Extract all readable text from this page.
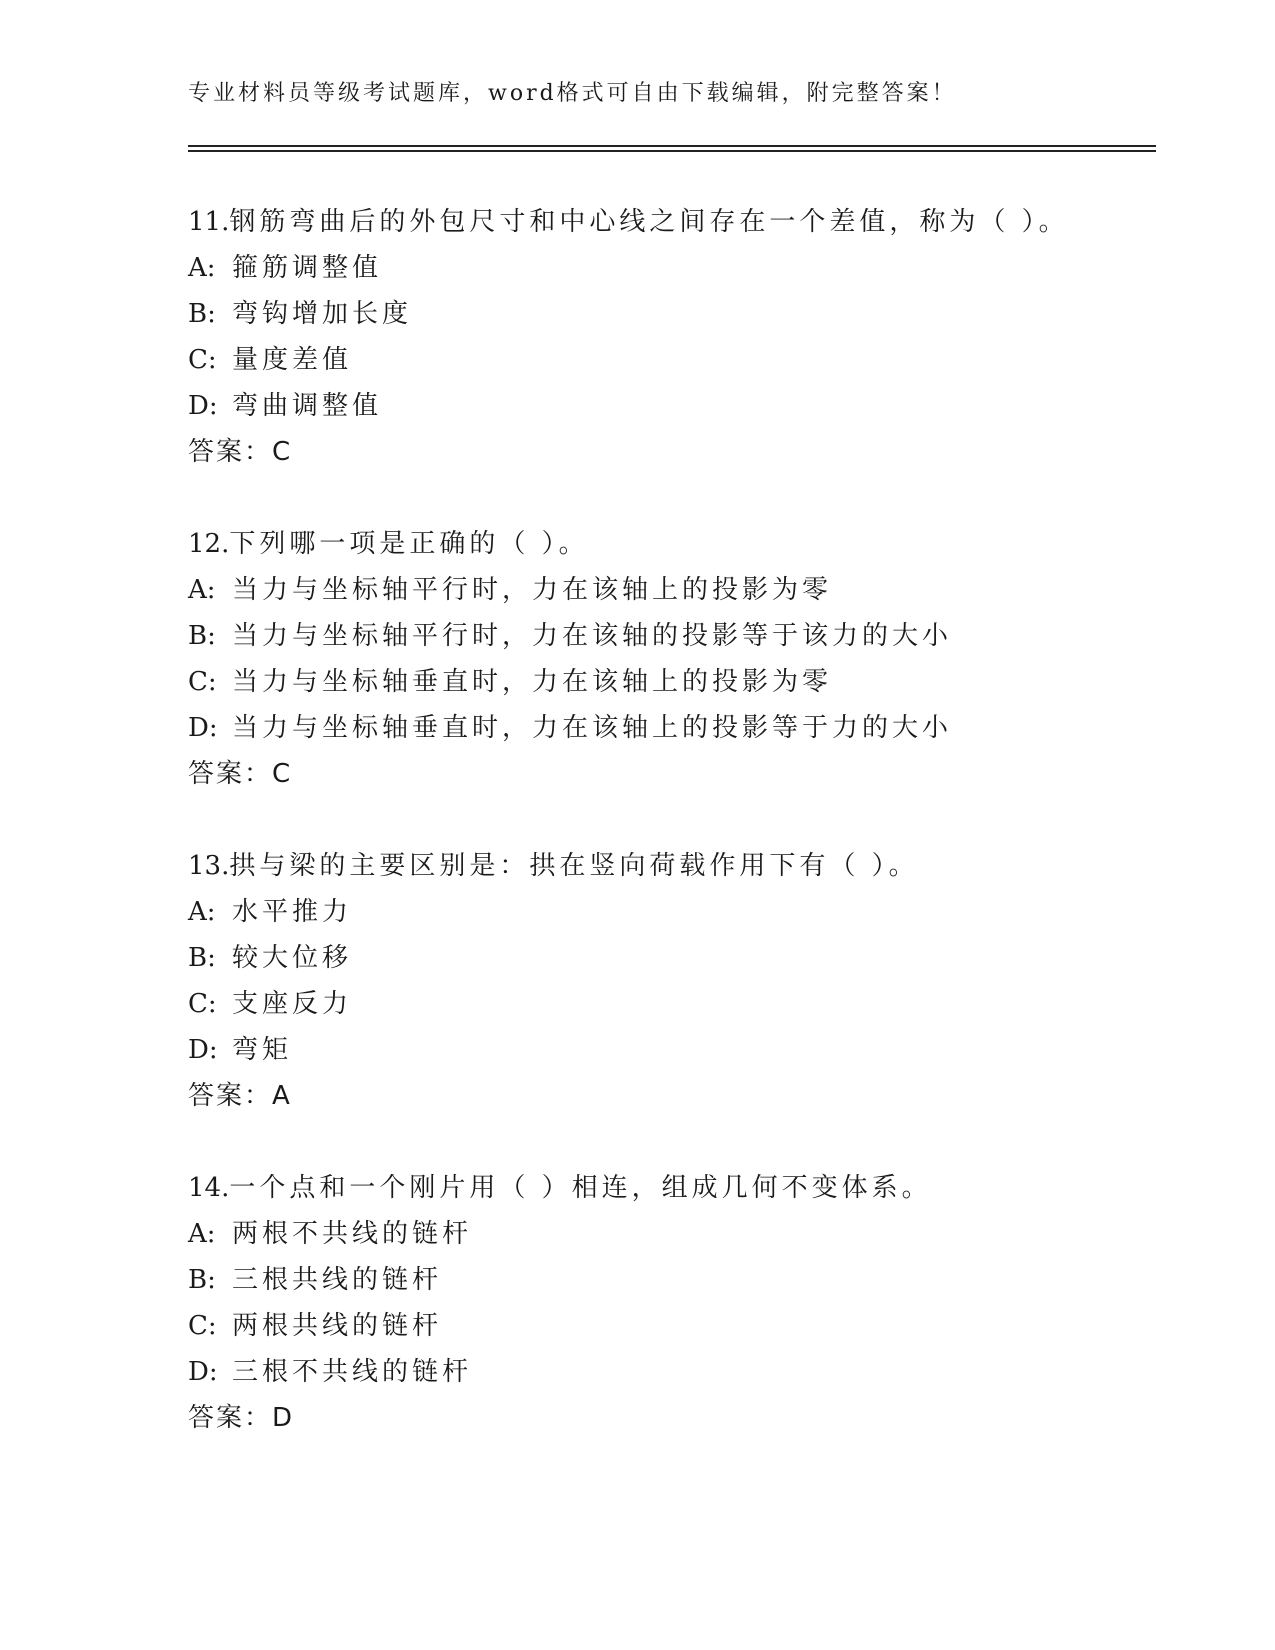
专业材料员等级考试题库，word格式可自由下载编辑，附完整答案！
11.钢筋弯曲后的外包尺寸和中心线之间存在一个差值，称为（ ）。
A: 箍筋调整值
B: 弯钩增加长度
C: 量度差值
D: 弯曲调整值
答案：C
12.下列哪一项是正确的（ ）。
A: 当力与坐标轴平行时，力在该轴上的投影为零
B: 当力与坐标轴平行时，力在该轴的投影等于该力的大小
C: 当力与坐标轴垂直时，力在该轴上的投影为零
D: 当力与坐标轴垂直时，力在该轴上的投影等于力的大小
答案：C
13.拱与梁的主要区别是：拱在竖向荷载作用下有（ ）。
A: 水平推力
B: 较大位移
C: 支座反力
D: 弯矩
答案：A
14.一个点和一个刚片用（ ）相连，组成几何不变体系。
A: 两根不共线的链杆
B: 三根共线的链杆
C: 两根共线的链杆
D: 三根不共线的链杆
答案：D
